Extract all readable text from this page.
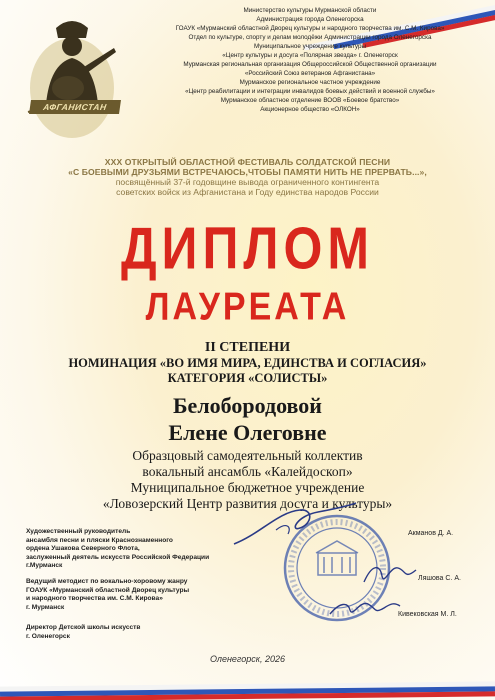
АФГАНИСТАН
Министерство культуры Мурманской области
Администрация города Оленегорска
ГОАУК «Мурманский областной Дворец культуры и народного творчества им. С.М. Кирова»
Отдел по культуре, спорту и делам молодёжи Администрации города Оленегорска
Муниципальное учреждение культуры
«Центр культуры и досуга «Полярная звезда» г. Оленегорск
Мурманская региональная организация Общероссийской Общественной организации
«Российский Союз ветеранов Афганистана»
Мурманское региональное частное учреждение
«Центр реабилитации и интеграции инвалидов боевых действий и военной службы»
Мурманское областное отделение ВООВ «Боевое братство»
Акционерное общество «ОЛКОН»
XXX ОТКРЫТЫЙ ОБЛАСТНОЙ ФЕСТИВАЛЬ СОЛДАТСКОЙ ПЕСНИ
«С БОЕВЫМИ ДРУЗЬЯМИ ВСТРЕЧАЮСЬ,ЧТОБЫ ПАМЯТИ НИТЬ НЕ ПРЕРВАТЬ...»,
посвящённый 37-й годовщине вывода ограниченного контингента
советских войск из Афганистана и Году единства народов России
ДИПЛОМ
ЛАУРЕАТА
II СТЕПЕНИ
НОМИНАЦИЯ «ВО ИМЯ МИРА, ЕДИНСТВА И СОГЛАСИЯ»
КАТЕГОРИЯ «СОЛИСТЫ»
Белобородовой
Елене Олеговне
Образцовый самодеятельный коллектив
вокальный ансамбль «Калейдоскоп»
Муниципальное бюджетное учреждение
«Ловозерский Центр развития досуга и культуры»
Художественный руководитель
ансамбля песни и пляски Краснознаменного
ордена Ушакова Северного Флота,
заслуженный деятель искусств Российской Федерации
г.Мурманск
Акманов Д. А.
Ведущий методист по вокально-хоровому жанру
ГОАУК «Мурманский областной Дворец культуры
и народного творчества им. С.М. Кирова»
г. Мурманск
Ляшова С. А.
Директор Детской школы искусств
г. Оленегорск
Кивековская М. Л.
Оленегорск, 2026
